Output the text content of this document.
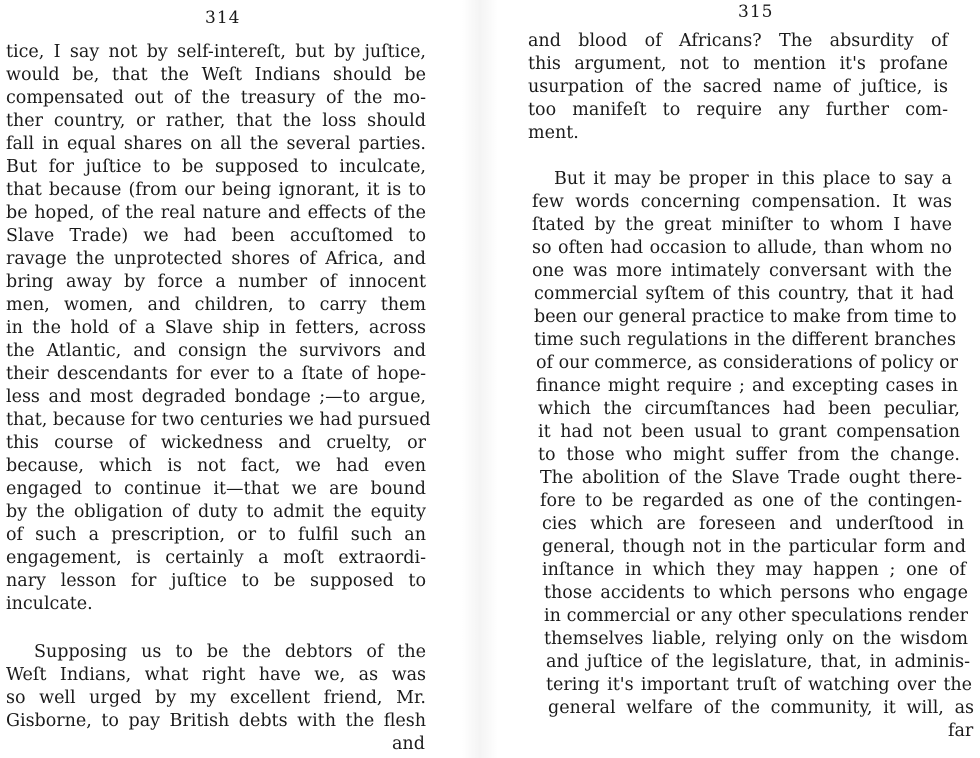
314
tice, I say not by self-intereſt, but by juſtice,
would be, that the Weſt Indians should be
compensated out of the treasury of the mo-
ther country, or rather, that the loss should
fall in equal shares on all the several parties.
But for juſtice to be supposed to inculcate,
that because (from our being ignorant, it is to
be hoped, of the real nature and effects of the
Slave Trade) we had been accuſtomed to
ravage the unprotected shores of Africa, and
bring away by force a number of innocent
men, women, and children, to carry them
in the hold of a Slave ship in fetters, across
the Atlantic, and consign the survivors and
their descendants for ever to a ſtate of hope-
less and most degraded bondage ;—to argue,
that, because for two centuries we had pursued
this course of wickedness and cruelty, or
because, which is not fact, we had even
engaged to continue it—that we are bound
by the obligation of duty to admit the equity
of such a prescription, or to fulfil such an
engagement, is certainly a moſt extraordi-
nary lesson for juſtice to be supposed to
inculcate.
Supposing us to be the debtors of the
Weſt Indians, what right have we, as was
so well urged by my excellent friend, Mr.
Gisborne, to pay British debts with the flesh
and
315
and blood of Africans? The absurdity of
this argument, not to mention it's profane
usurpation of the sacred name of juſtice, is
too manifeſt to require any further com-
ment.
But it may be proper in this place to say a
few words concerning compensation. It was
ſtated by the great miniſter to whom I have
so often had occasion to allude, than whom no
one was more intimately conversant with the
commercial syſtem of this country, that it had
been our general practice to make from time to
time such regulations in the different branches
of our commerce, as considerations of policy or
finance might require ; and excepting cases in
which the circumſtances had been peculiar,
it had not been usual to grant compensation
to those who might suffer from the change.
The abolition of the Slave Trade ought there-
fore to be regarded as one of the contingen-
cies which are foreseen and underſtood in
general, though not in the particular form and
inſtance in which they may happen ; one of
those accidents to which persons who engage
in commercial or any other speculations render
themselves liable, relying only on the wisdom
and juſtice of the legislature, that, in adminis-
tering it's important truſt of watching over the
general welfare of the community, it will, as
far
